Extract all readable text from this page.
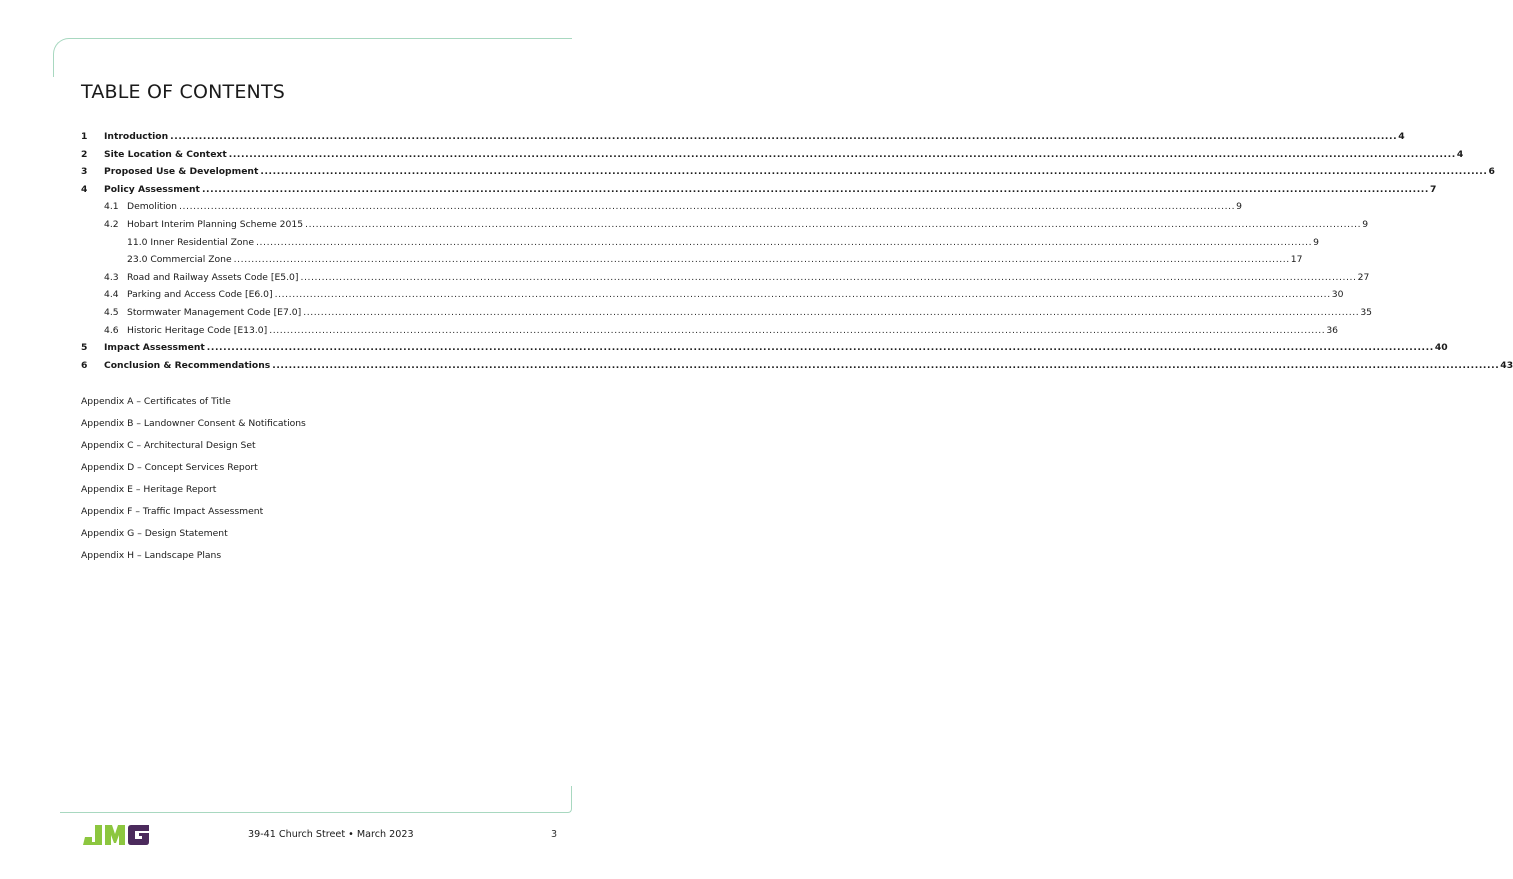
TABLE OF CONTENTS
1 Introduction ............................................................................................................................................................................................................................................................................................................ 4
2 Site Location & Context ............................................................................................................................................................................................................................................................................................................ 4
3 Proposed Use & Development ............................................................................................................................................................................................................................................................................................................ 6
4 Policy Assessment ............................................................................................................................................................................................................................................................................................................ 7
4.1 Demolition ............................................................................................................................................................................................................................................................................................................ 9
4.2 Hobart Interim Planning Scheme 2015 ............................................................................................................................................................................................................................................................................................................ 9
11.0 Inner Residential Zone ............................................................................................................................................................................................................................................................................................................ 9
23.0 Commercial Zone ............................................................................................................................................................................................................................................................................................................ 17
4.3 Road and Railway Assets Code [E5.0] ............................................................................................................................................................................................................................................................................................................ 27
4.4 Parking and Access Code [E6.0] ............................................................................................................................................................................................................................................................................................................ 30
4.5 Stormwater Management Code [E7.0] ............................................................................................................................................................................................................................................................................................................ 35
4.6 Historic Heritage Code [E13.0] ............................................................................................................................................................................................................................................................................................................ 36
5 Impact Assessment ............................................................................................................................................................................................................................................................................................................ 40
6 Conclusion & Recommendations ............................................................................................................................................................................................................................................................................................................ 43
Appendix A – Certificates of Title
Appendix B – Landowner Consent & Notifications
Appendix C – Architectural Design Set
Appendix D – Concept Services Report
Appendix E – Heritage Report
Appendix F – Traffic Impact Assessment
Appendix G – Design Statement
Appendix H – Landscape Plans
39-41 Church Street • March 2023	3
